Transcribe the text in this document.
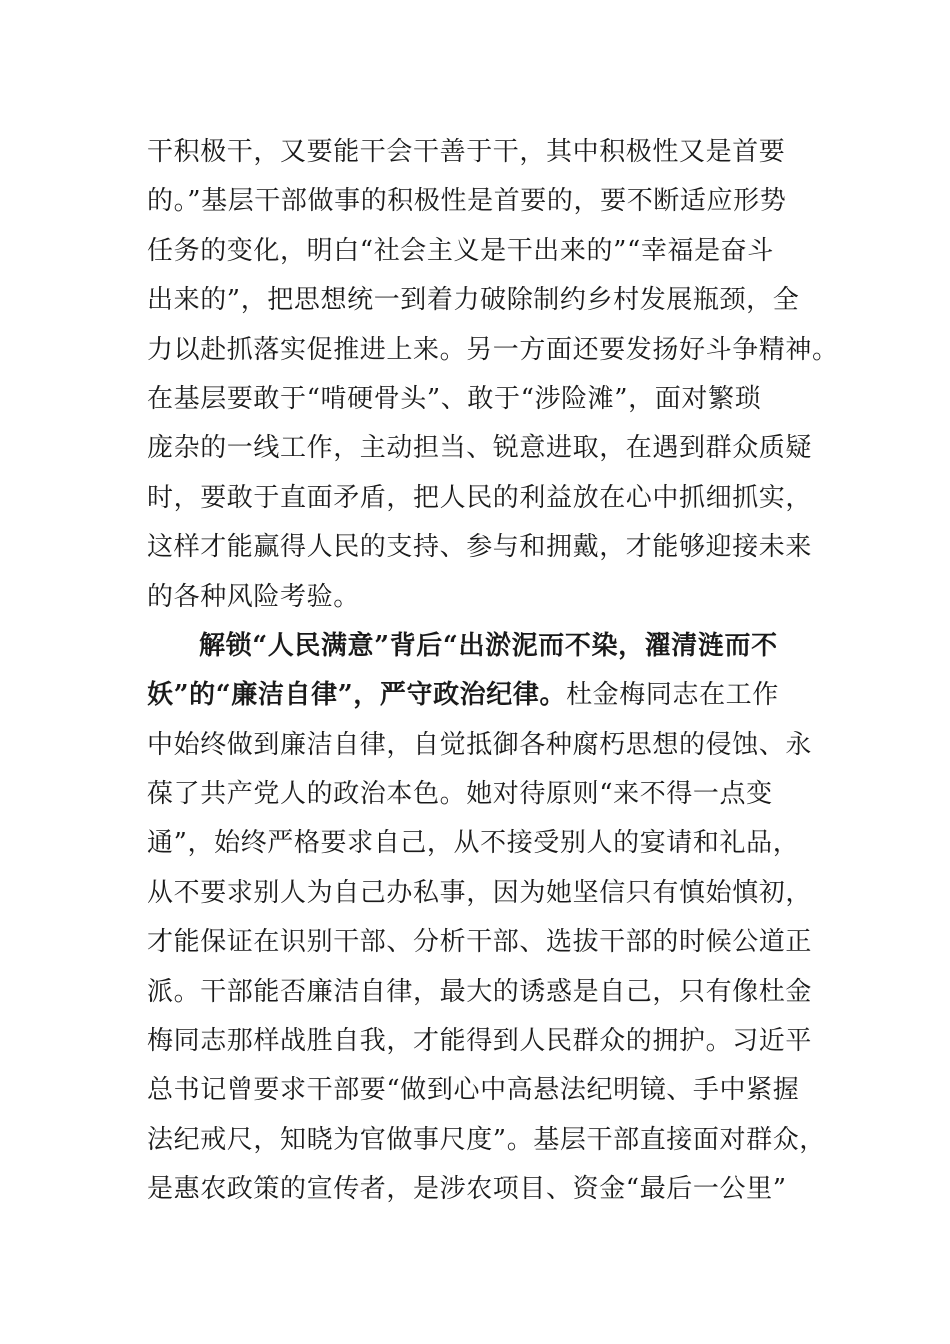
干积极干，又要能干会干善于干，其中积极性又是首要
的。”基层干部做事的积极性是首要的，要不断适应形势
任务的变化，明白“社会主义是干出来的”“幸福是奋斗
出来的”，把思想统一到着力破除制约乡村发展瓶颈，全
力以赴抓落实促推进上来。另一方面还要发扬好斗争精神。
在基层要敢于“啃硬骨头”、敢于“涉险滩”，面对繁琐
庞杂的一线工作，主动担当、锐意进取，在遇到群众质疑
时，要敢于直面矛盾，把人民的利益放在心中抓细抓实，
这样才能赢得人民的支持、参与和拥戴，才能够迎接未来
的各种风险考验。
解锁“人民满意”背后“出淤泥而不染，濯清涟而不
妖”的“廉洁自律”，严守政治纪律。杜金梅同志在工作
中始终做到廉洁自律，自觉抵御各种腐朽思想的侵蚀、永
葆了共产党人的政治本色。她对待原则“来不得一点变
通”，始终严格要求自己，从不接受别人的宴请和礼品，
从不要求别人为自己办私事，因为她坚信只有慎始慎初，
才能保证在识别干部、分析干部、选拔干部的时候公道正
派。干部能否廉洁自律，最大的诱惑是自己，只有像杜金
梅同志那样战胜自我，才能得到人民群众的拥护。习近平
总书记曾要求干部要“做到心中高悬法纪明镜、手中紧握
法纪戒尺，知晓为官做事尺度”。基层干部直接面对群众，
是惠农政策的宣传者，是涉农项目、资金“最后一公里”
